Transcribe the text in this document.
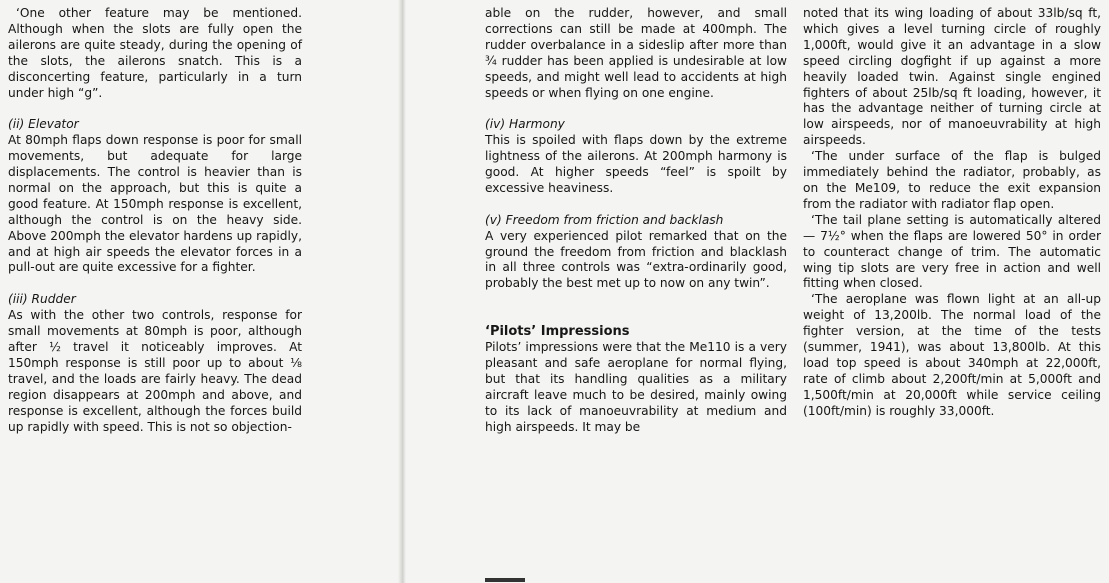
‘One other feature may be mentioned. Although when the slots are fully open the ailerons are quite steady, during the opening of the slots, the ailerons snatch. This is a disconcerting feature, particularly in a turn under high “g”.

(ii) Elevator

At 80mph flaps down response is poor for small movements, but adequate for large displacements. The control is heavier than is normal on the approach, but this is quite a good feature. At 150mph response is excellent, although the control is on the heavy side. Above 200mph the elevator hardens up rapidly, and at high air speeds the elevator forces in a pull-out are quite excessive for a fighter.

(iii) Rudder

As with the other two controls, response for small movements at 80mph is poor, although after ½ travel it noticeably improves. At 150mph response is still poor up to about ⅛ travel, and the loads are fairly heavy. The dead region disappears at 200mph and above, and response is excellent, although the forces build up rapidly with speed. This is not so objection-

able on the rudder, however, and small corrections can still be made at 400mph. The rudder overbalance in a sideslip after more than ¾ rudder has been applied is undesirable at low speeds, and might well lead to accidents at high speeds or when flying on one engine.

(iv) Harmony

This is spoiled with flaps down by the extreme lightness of the ailerons. At 200mph harmony is good. At higher speeds “feel” is spoilt by excessive heaviness.

(v) Freedom from friction and backlash

A very experienced pilot remarked that on the ground the freedom from friction and blacklash in all three controls was “extra-ordinarily good, probably the best met up to now on any twin”.

‘Pilots’ Impressions

Pilots’ impressions were that the Me110 is a very pleasant and safe aeroplane for normal flying, but that its handling qualities as a military aircraft leave much to be desired, mainly owing to its lack of manoeuvrability at medium and high airspeeds. It may be

noted that its wing loading of about 33lb/sq ft, which gives a level turning circle of roughly 1,000ft, would give it an advantage in a slow speed circling dogfight if up against a more heavily loaded twin. Against single engined fighters of about 25lb/sq ft loading, however, it has the advantage neither of turning circle at low airspeeds, nor of manoeuvrability at high airspeeds.

‘The under surface of the flap is bulged immediately behind the radiator, probably, as on the Me109, to reduce the exit expansion from the radiator with radiator flap open.

‘The tail plane setting is automatically altered — 7½° when the flaps are lowered 50° in order to counteract change of trim. The automatic wing tip slots are very free in action and well fitting when closed.

‘The aeroplane was flown light at an all-up weight of 13,200lb. The normal load of the fighter version, at the time of the tests (summer, 1941), was about 13,800lb. At this load top speed is about 340mph at 22,000ft, rate of climb about 2,200ft/min at 5,000ft and 1,500ft/min at 20,000ft while service ceiling (100ft/min) is roughly 33,000ft.
